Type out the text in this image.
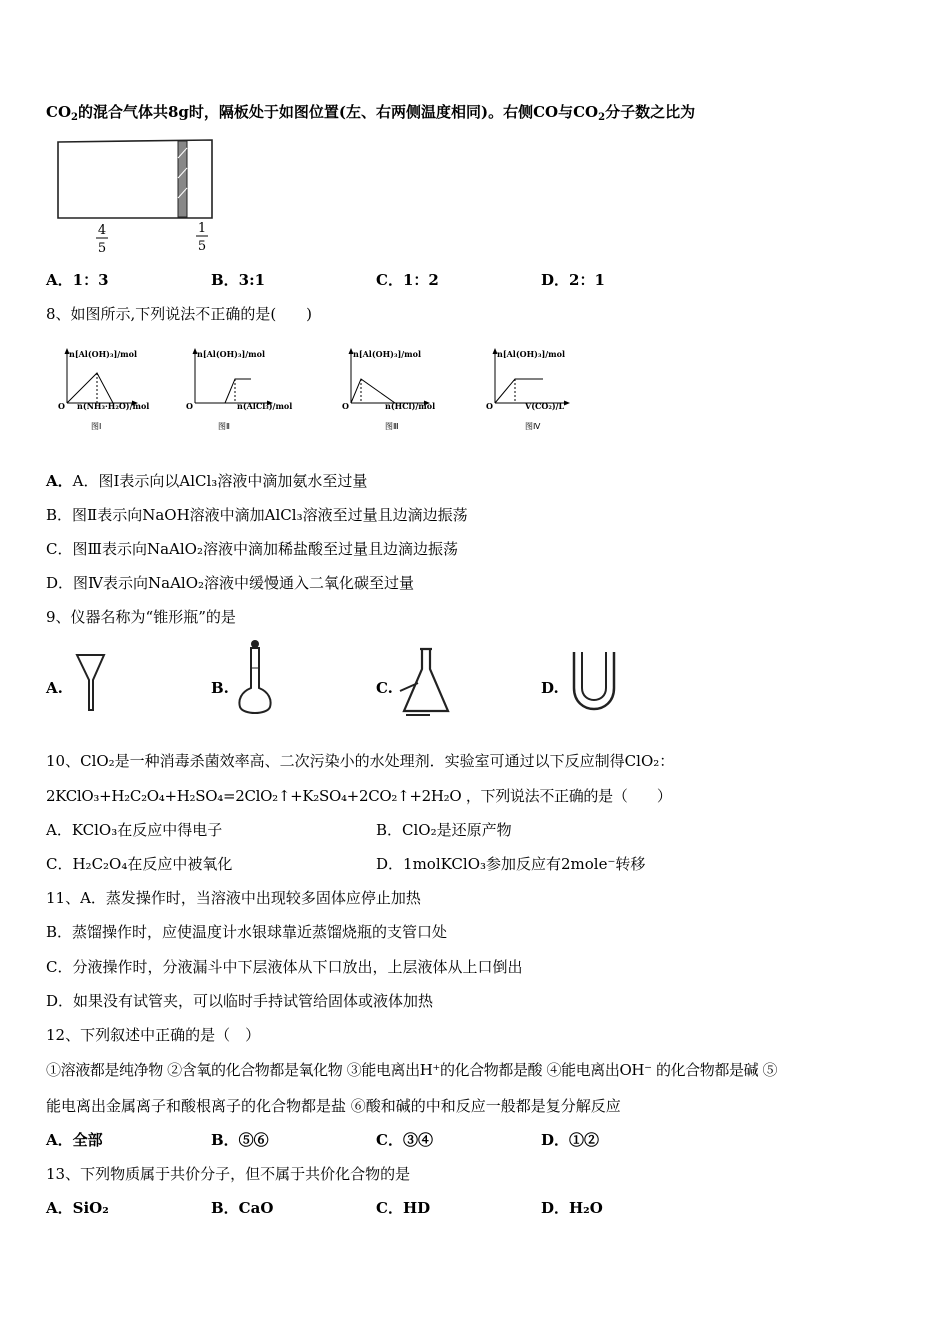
$CO_2$的混合气体共8g时，隔板处于如图位置(左、右两侧温度相同)。右侧CO与$CO_2$分子数之比为
4
5
1
5
A．1：3	B．3:1	C．1：2	D．2：1
8、如图所示,下列说法不正确的是(　　)
n[Al(OH)₃]/mol
O n(NH₃·H₂O)/mol
图Ⅰ
n[Al(OH)₃]/mol
O	n(AlCl₃)/mol
图Ⅱ
n[Al(OH)₃]/mol
O	n(HCl)/mol
图Ⅲ
n[Al(OH)₃]/mol
O	V(CO₂)/L
图Ⅳ
A．A．图Ⅰ表示向以AlCl₃溶液中滴加氨水至过量
B．图Ⅱ表示向NaOH溶液中滴加AlCl₃溶液至过量且边滴边振荡
C．图Ⅲ表示向NaAlO₂溶液中滴加稀盐酸至过量且边滴边振荡
D．图Ⅳ表示向NaAlO₂溶液中缓慢通入二氧化碳至过量
9、仪器名称为“锥形瓶”的是
A.	B.	C.	D.
10、ClO₂是一种消毒杀菌效率高、二次污染小的水处理剂．实验室可通过以下反应制得ClO₂：
2KClO₃+H₂C₂O₄+H₂SO₄=2ClO₂↑+K₂SO₄+2CO₂↑+2H₂O ，下列说法不正确的是（　　）
A．KClO₃在反应中得电子	B．ClO₂是还原产物
C．H₂C₂O₄在反应中被氧化	D．1molKClO₃参加反应有2mole⁻转移
11、A．蒸发操作时，当溶液中出现较多固体应停止加热
B．蒸馏操作时，应使温度计水银球靠近蒸馏烧瓶的支管口处
C．分液操作时，分液漏斗中下层液体从下口放出，上层液体从上口倒出
D．如果没有试管夹，可以临时手持试管给固体或液体加热
12、下列叙述中正确的是（　）
①溶液都是纯净物 ②含氧的化合物都是氧化物 ③能电离出H⁺的化合物都是酸 ④能电离出OH⁻ 的化合物都是碱 ⑤
能电离出金属离子和酸根离子的化合物都是盐 ⑥酸和碱的中和反应一般都是复分解反应
A．全部	B．⑤⑥	C．③④	D．①②
13、下列物质属于共价分子，但不属于共价化合物的是
A．SiO₂	B．CaO	C．HD	D．H₂O
